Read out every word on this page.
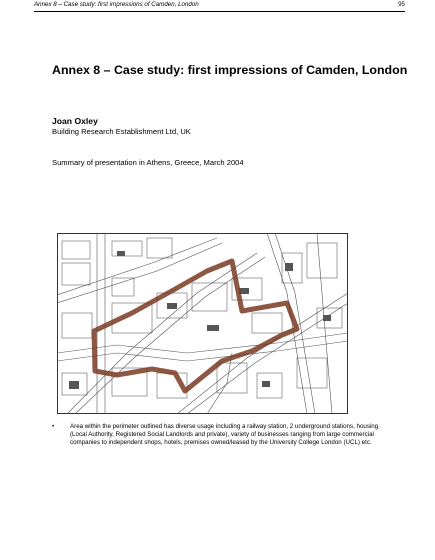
Annex 8 – Case study: first impressions of Camden, London	95
Annex 8 – Case study: first impressions of Camden, London

Joan Oxley

Building Research Establishment Ltd, UK

Summary of presentation in Athens, Greece, March 2004

•	Area within the perimeter outlined has diverse usage including a railway station, 2 underground stations, housing (Local Authority, Registered Social Landlords and private), variety of businesses ranging from large commercial companies to independent shops, hotels, premises owned/leased by the University College London (UCL) etc.
